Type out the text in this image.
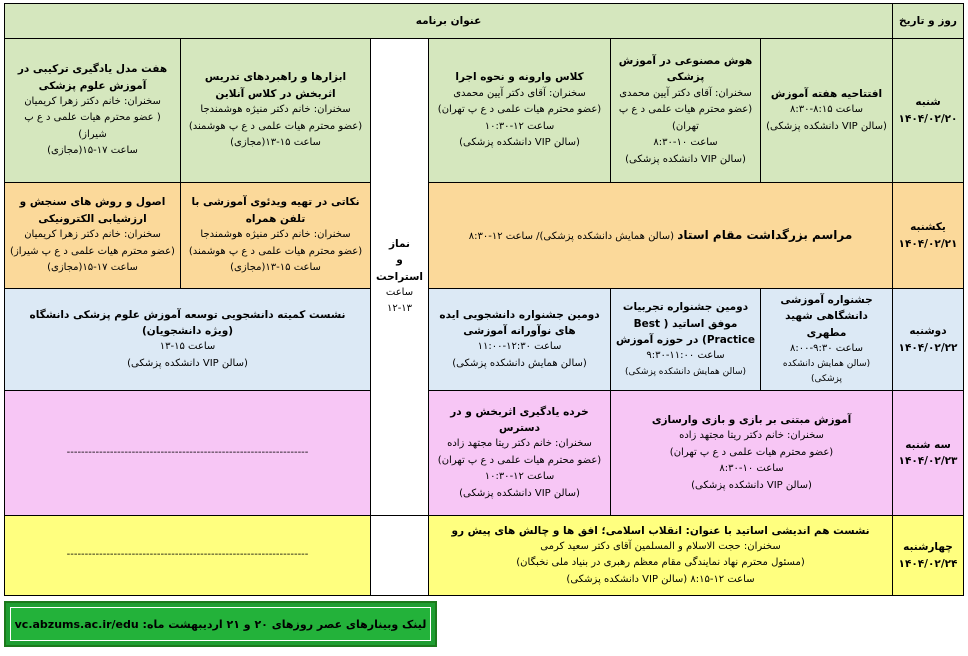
روز و تاریخ
عنوان برنامه
شنبه
۱۴۰۴/۰۲/۲۰
یکشنبه
۱۴۰۴/۰۲/۲۱
دوشنبه
۱۴۰۴/۰۲/۲۲
سه شنبه
۱۴۰۴/۰۲/۲۳
چهارشنبه
۱۴۰۴/۰۲/۲۴
نماز
و
استراحت
ساعت
۱۲-۱۳
افتتاحیه هفته آموزش
ساعت ۸:۱۵-۸:۳۰
(سالن VIP دانشکده پزشکی)
هوش مصنوعی در آموزش پزشکی
سخنران: آقای دکتر آیین محمدی
(عضو محترم هیات علمی د ع پ تهران)
ساعت ۱۰-۸:۳۰
(سالن VIP دانشکده پزشکی)
کلاس وارونه و نحوه اجرا
سخنران: آقای دکتر آیین محمدی
(عضو محترم هیات علمی د ع پ تهران)
ساعت ۱۲-۱۰:۳۰
(سالن VIP دانشکده پزشکی)
ابزارها و راهبردهای تدریس اثربخش در کلاس آنلاین
سخنران: خانم دکتر منیژه هوشمندجا
(عضو محترم هیات علمی د ع پ هوشمند)
ساعت ۱۵-۱۳(مجازی)
هفت مدل یادگیری ترکیبی در آموزش علوم پزشکی
سخنران: خانم دکتر زهرا کریمیان
( عضو محترم هیات علمی د ع پ شیراز)
ساعت ۱۷-۱۵(مجازی)
مراسم بزرگداشت مقام استاد (سالن همایش دانشکده پزشکی)/ ساعت ۱۲-۸:۳۰
نکاتی در تهیه ویدئوی آموزشی با تلفن همراه
سخنران: خانم دکتر منیژه هوشمندجا
(عضو محترم هیات علمی د ع پ هوشمند)
ساعت ۱۵-۱۳(مجازی)
اصول و روش های سنجش و ارزشیابی الکترونیکی
سخنران: خانم دکتر زهرا کریمیان
(عضو محترم هیات علمی د ع پ شیراز)
ساعت ۱۷-۱۵(مجازی)
جشنواره آموزشی دانشگاهی شهید مطهری
ساعت ۹:۳۰-۸:۰۰
(سالن همایش دانشکده پزشکی)
دومین جشنواره تجربیات موفق اساتید ( Best Practice) در حوزه آموزش
ساعت ۱۱:۰۰-۹:۳۰
(سالن همایش دانشکده پزشکی)
دومین جشنواره دانشجویی ایده های نوآورانه آموزشی
ساعت ۱۲:۳۰-۱۱:۰۰
(سالن همایش دانشکده پزشکی)
نشست کمیته دانشجویی توسعه آموزش علوم پزشکی دانشگاه
(ویژه دانشجویان)
ساعت ۱۵-۱۳
(سالن VIP دانشکده پزشکی)
آموزش مبتنی بر بازی و بازی وارسازی
سخنران: خانم دکتر ریتا مجتهد زاده
(عضو محترم هیات علمی د ع پ تهران)
ساعت ۱۰-۸:۳۰
(سالن VIP دانشکده پزشکی)
خرده یادگیری اثربخش و در دسترس
سخنران: خانم دکتر ریتا مجتهد زاده
(عضو محترم هیات علمی د ع پ تهران)
ساعت ۱۲-۱۰:۳۰
(سالن VIP دانشکده پزشکی)
-------------------------------------------------------------------
نشست هم اندیشی اساتید با عنوان: انقلاب اسلامی؛ افق ها و چالش های پیش رو
سخنران: حجت الاسلام و المسلمین آقای دکتر سعید کرمی
(مسئول محترم نهاد نمایندگی مقام معظم رهبری در بنیاد ملی نخبگان)
ساعت ۱۲-۸:۱۵ (سالن VIP دانشکده پزشکی)
-------------------------------------------------------------------
لینک وبینارهای عصر روزهای ۲۰ و ۲۱ اردیبهشت ماه: vc.abzums.ac.ir/edu
